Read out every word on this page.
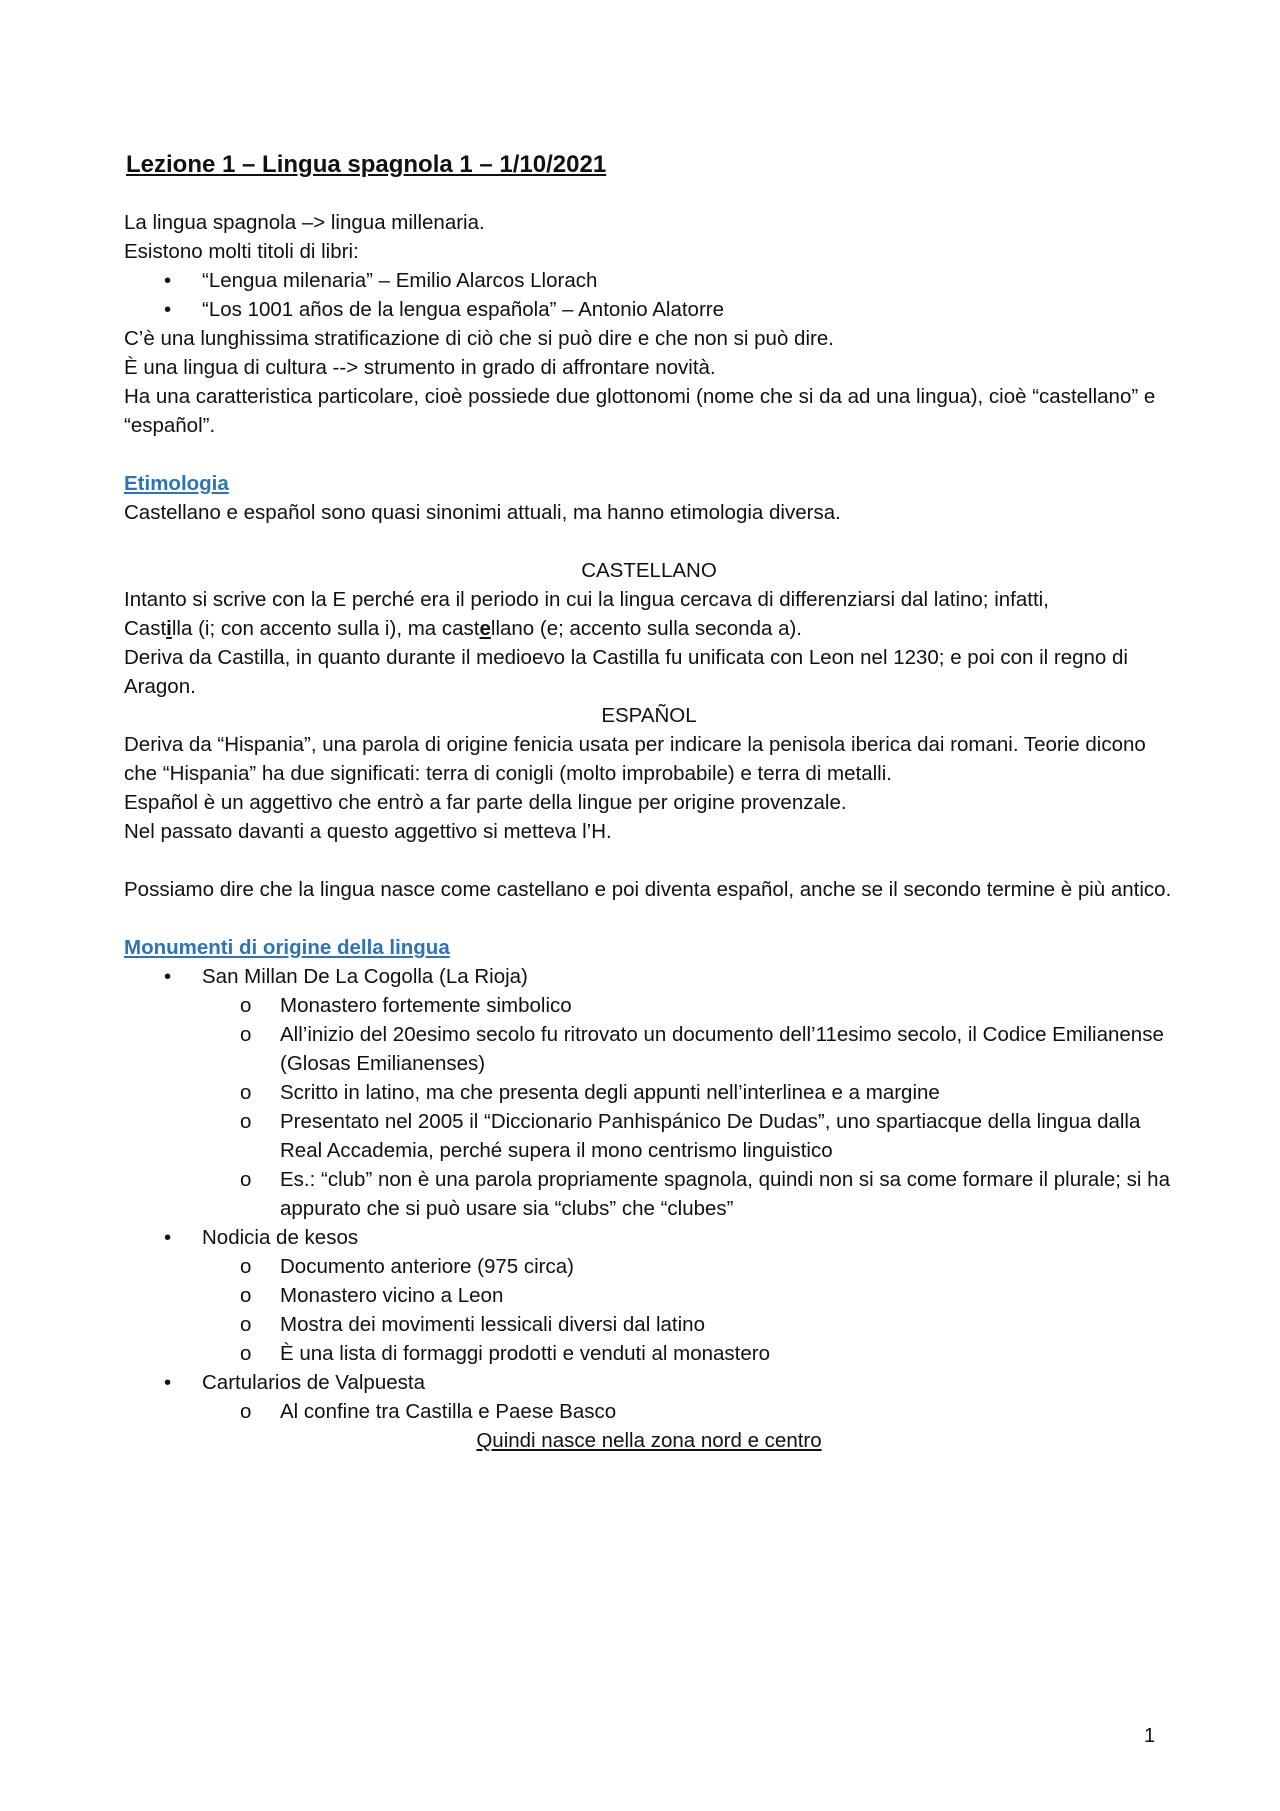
Lezione 1 – Lingua spagnola 1 – 1/10/2021

La lingua spagnola –> lingua millenaria.

Esistono molti titoli di libri:

• “Lengua milenaria” – Emilio Alarcos Llorach
• “Los 1001 años de la lengua española” – Antonio Alatorre

C’è una lunghissima stratificazione di ciò che si può dire e che non si può dire.

È una lingua di cultura --> strumento in grado di affrontare novità.

Ha una caratteristica particolare, cioè possiede due glottonomi (nome che si da ad una lingua), cioè “castellano” e “español”.

Etimologia

Castellano e español sono quasi sinonimi attuali, ma hanno etimologia diversa.

CASTELLANO

Intanto si scrive con la E perché era il periodo in cui la lingua cercava di differenziarsi dal latino; infatti,

Castilla (i; con accento sulla i), ma castellano (e; accento sulla seconda a).

Deriva da Castilla, in quanto durante il medioevo la Castilla fu unificata con Leon nel 1230; e poi con il regno di Aragon.

ESPAÑOL

Deriva da “Hispania”, una parola di origine fenicia usata per indicare la penisola iberica dai romani. Teorie dicono che “Hispania” ha due significati: terra di conigli (molto improbabile) e terra di metalli.

Español è un aggettivo che entrò a far parte della lingue per origine provenzale.

Nel passato davanti a questo aggettivo si metteva l’H.

Possiamo dire che la lingua nasce come castellano e poi diventa español, anche se il secondo termine è più antico.

Monumenti di origine della lingua

• San Millan De La Cogolla (La Rioja)
o Monastero fortemente simbolico
o All’inizio del 20esimo secolo fu ritrovato un documento dell’11esimo secolo, il Codice Emilianense (Glosas Emilianenses)
o Scritto in latino, ma che presenta degli appunti nell’interlinea e a margine
o Presentato nel 2005 il “Diccionario Panhispánico De Dudas”, uno spartiacque della lingua dalla Real Accademia, perché supera il mono centrismo linguistico
o Es.: “club” non è una parola propriamente spagnola, quindi non si sa come formare il plurale; si ha appurato che si può usare sia “clubs” che “clubes”
• Nodicia de kesos
o Documento anteriore (975 circa)
o Monastero vicino a Leon
o Mostra dei movimenti lessicali diversi dal latino
o È una lista di formaggi prodotti e venduti al monastero
• Cartularios de Valpuesta
o Al confine tra Castilla e Paese Basco

Quindi nasce nella zona nord e centro

1
